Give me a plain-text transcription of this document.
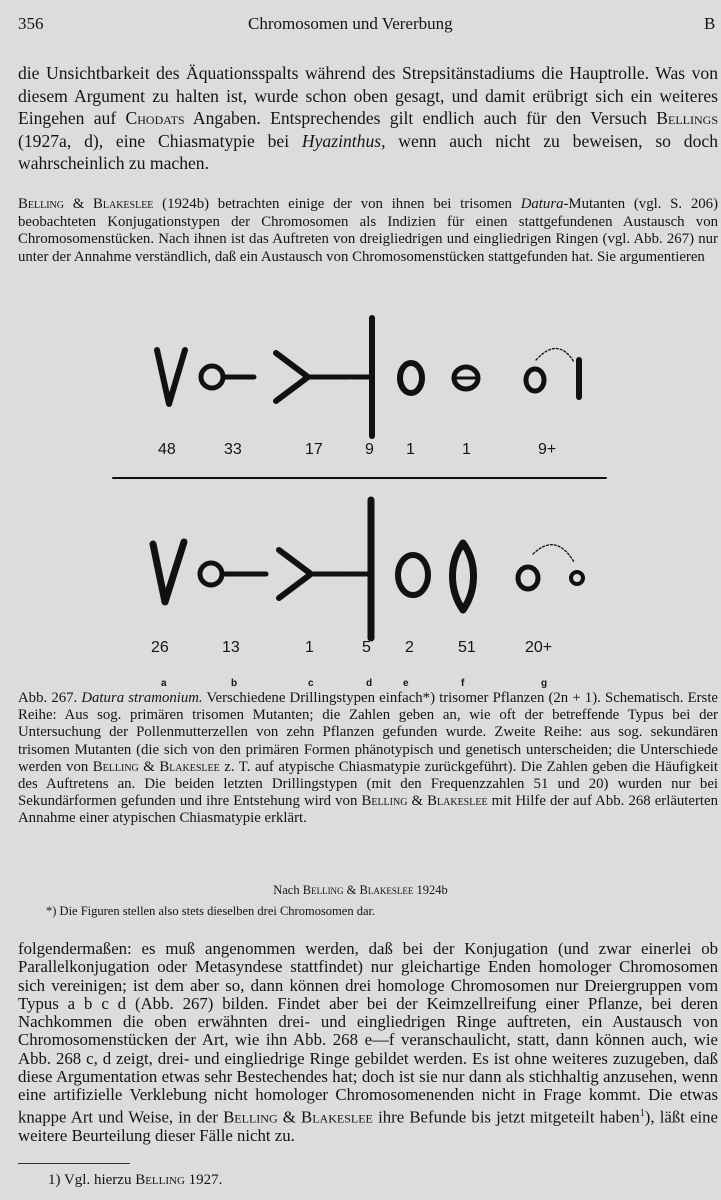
356	Chromosomen und Vererbung	B

die Unsichtbarkeit des Äquationsspalts während des Strepsitänstadiums die Hauptrolle. Was von diesem Argument zu halten ist, wurde schon oben gesagt, und damit erübrigt sich ein weiteres Eingehen auf Chodats Angaben. Entsprechendes gilt endlich auch für den Versuch Bellings (1927a, d), eine Chiasmatypie bei Hyazinthus, wenn auch nicht zu beweisen, so doch wahrscheinlich zu machen.

Belling & Blakeslee (1924b) betrachten einige der von ihnen bei trisomen Datura-Mutanten (vgl. S. 206) beobachteten Konjugationstypen der Chromosomen als Indizien für einen stattgefundenen Austausch von Chromosomenstücken. Nach ihnen ist das Auftreten von dreigliedrigen und eingliedrigen Ringen (vgl. Abb. 267) nur unter der Annahme verständlich, daß ein Austausch von Chromosomenstücken stattgefunden hat. Sie argumentieren

48	33	17	9 1	1	9+
26	13	1	5 2	51	20+
a	b	c	d	e	f	g

Abb. 267. Datura stramonium. Verschiedene Drillingstypen einfach*) trisomer Pflanzen (2n + 1). Schematisch. Erste Reihe: Aus sog. primären trisomen Mutanten; die Zahlen geben an, wie oft der betreffende Typus bei der Untersuchung der Pollenmutterzellen von zehn Pflanzen gefunden wurde. Zweite Reihe: aus sog. sekundären trisomen Mutanten (die sich von den primären Formen phänotypisch und genetisch unterscheiden; die Unterschiede werden von Belling & Blakeslee z. T. auf atypische Chiasmatypie zurückgeführt). Die Zahlen geben die Häufigkeit des Auftretens an. Die beiden letzten Drillingstypen (mit den Frequenzzahlen 51 und 20) wurden nur bei Sekundärformen gefunden und ihre Entstehung wird von Belling & Blakeslee mit Hilfe der auf Abb. 268 erläuterten Annahme einer atypischen Chiasmatypie erklärt.

Nach Belling & Blakeslee 1924b
*) Die Figuren stellen also stets dieselben drei Chromosomen dar.

folgendermaßen: es muß angenommen werden, daß bei der Konjugation (und zwar einerlei ob Parallelkonjugation oder Metasyndese stattfindet) nur gleichartige Enden homologer Chromosomen sich vereinigen; ist dem aber so, dann können drei homologe Chromosomen nur Dreiergruppen vom Typus a b c d (Abb. 267) bilden. Findet aber bei der Keimzellreifung einer Pflanze, bei deren Nachkommen die oben erwähnten drei- und eingliedrigen Ringe auftreten, ein Austausch von Chromosomenstücken der Art, wie ihn Abb. 268 e—f veranschaulicht, statt, dann können auch, wie Abb. 268 c, d zeigt, drei- und eingliedrige Ringe gebildet werden. Es ist ohne weiteres zuzugeben, daß diese Argumentation etwas sehr Bestechendes hat; doch ist sie nur dann als stichhaltig anzusehen, wenn eine artifizielle Verklebung nicht homologer Chromosomenenden nicht in Frage kommt. Die etwas knappe Art und Weise, in der Belling & Blakeslee ihre Befunde bis jetzt mitgeteilt haben$^1$), läßt eine weitere Beurteilung dieser Fälle nicht zu.

1) Vgl. hierzu Belling 1927.
